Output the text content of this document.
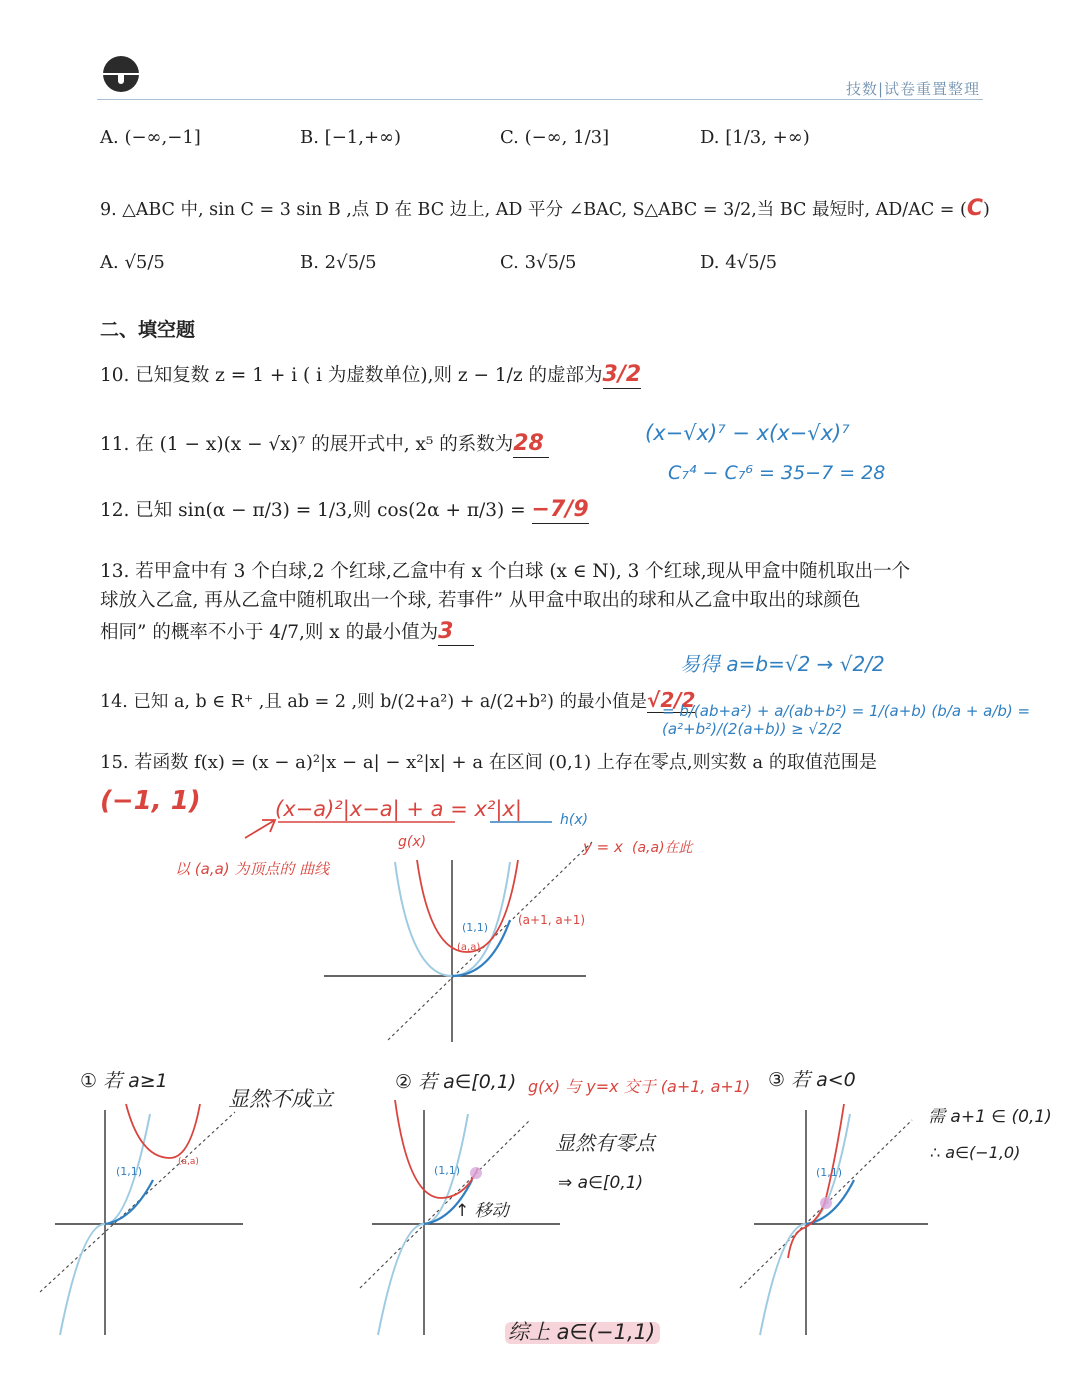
技数|试卷重置整理
A. (−∞,−1]	B. [−1,+∞)	C. (−∞, 1/3]	D. [1/3, +∞)
9. △ABC 中, sin C = 3 sin B ,点 D 在 BC 边上, AD 平分 ∠BAC, S△ABC = 3/2,当 BC 最短时, AD/AC = (C)
A. √5/5	B. 2√5/5	C. 3√5/5	D. 4√5/5
二、填空题
10. 已知复数 z = 1 + i ( i 为虚数单位),则 z − 1/z 的虚部为3/2
11. 在 (1 − x)(x − √x)⁷ 的展开式中, x⁵ 的系数为28	(x−√x)⁷ − x(x−√x)⁷
C₇⁴ − C₇⁶ = 35−7 = 28
12. 已知 sin(α − π/3) = 1/3,则 cos(2α + π/3) = −7/9
13. 若甲盒中有 3 个白球,2 个红球,乙盒中有 x 个白球 (x ∈ N), 3 个红球,现从甲盒中随机取出一个
球放入乙盒, 再从乙盒中随机取出一个球, 若事件” 从甲盒中取出的球和从乙盒中取出的球颜色
相同” 的概率不小于 4/7,则 x 的最小值为3
14. 已知 a, b ∈ R⁺ ,且 ab = 2 ,则 b/(2+a²) + a/(2+b²) 的最小值是√2/2
易得 a=b=√2 → √2/2
= b/(ab+a²) + a/(ab+b²) = 1/(a+b) (b/a + a/b) = (a²+b²)/(2(a+b)) ≥ √2/2
15. 若函数 f(x) = (x − a)²|x − a| − x²|x| + a 在区间 (0,1) 上存在零点,则实数 a 的取值范围是
(−1, 1)	(x−a)²|x−a| + a = x²|x|	h(x)
g(x)
以 (a,a) 为顶点的 曲线
y = x (a,a)在此
(1,1)
(a,a)
(a+1, a+1)
① 若 a≥1
显然不成立
(1,1)
(a,a)
② 若 a∈[0,1) g(x) 与 y=x 交于 (a+1, a+1)
显然有零点
⇒ a∈[0,1)
(1,1)
↑ 移动
③ 若 a<0
需 a+1 ∈ (0,1)
∴ a∈(−1,0)
(1,1)
综上 a∈(−1,1)
